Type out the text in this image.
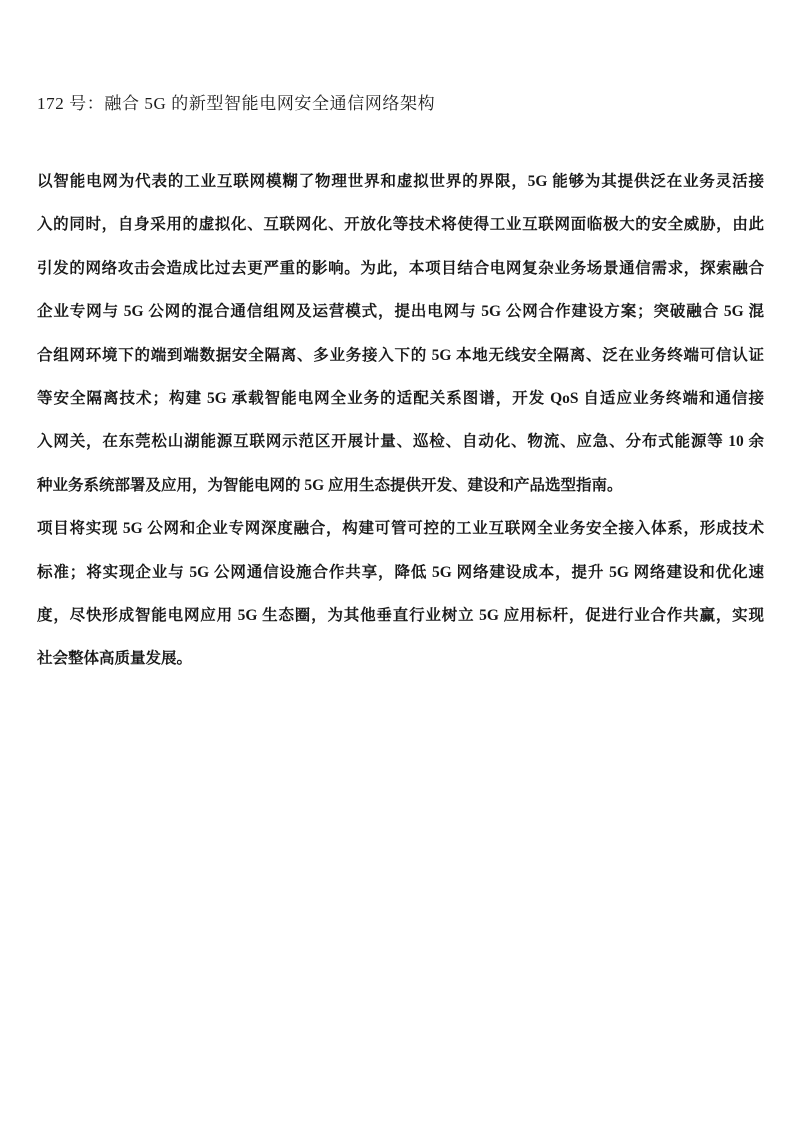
172 号：融合 5G 的新型智能电网安全通信网络架构
以智能电网为代表的工业互联网模糊了物理世界和虚拟世界的界限，5G 能够为其提供泛在业务灵活接
入的同时，自身采用的虚拟化、互联网化、开放化等技术将使得工业互联网面临极大的安全威胁，由此
引发的网络攻击会造成比过去更严重的影响。为此，本项目结合电网复杂业务场景通信需求，探索融合
企业专网与 5G 公网的混合通信组网及运营模式，提出电网与 5G 公网合作建设方案；突破融合 5G 混
合组网环境下的端到端数据安全隔离、多业务接入下的 5G 本地无线安全隔离、泛在业务终端可信认证
等安全隔离技术；构建 5G 承载智能电网全业务的适配关系图谱，开发 QoS 自适应业务终端和通信接
入网关，在东莞松山湖能源互联网示范区开展计量、巡检、自动化、物流、应急、分布式能源等 10 余
种业务系统部署及应用，为智能电网的 5G 应用生态提供开发、建设和产品选型指南。
项目将实现 5G 公网和企业专网深度融合，构建可管可控的工业互联网全业务安全接入体系，形成技术
标准；将实现企业与 5G 公网通信设施合作共享，降低 5G 网络建设成本，提升 5G 网络建设和优化速
度，尽快形成智能电网应用 5G 生态圈，为其他垂直行业树立 5G 应用标杆，促进行业合作共赢，实现
社会整体高质量发展。
